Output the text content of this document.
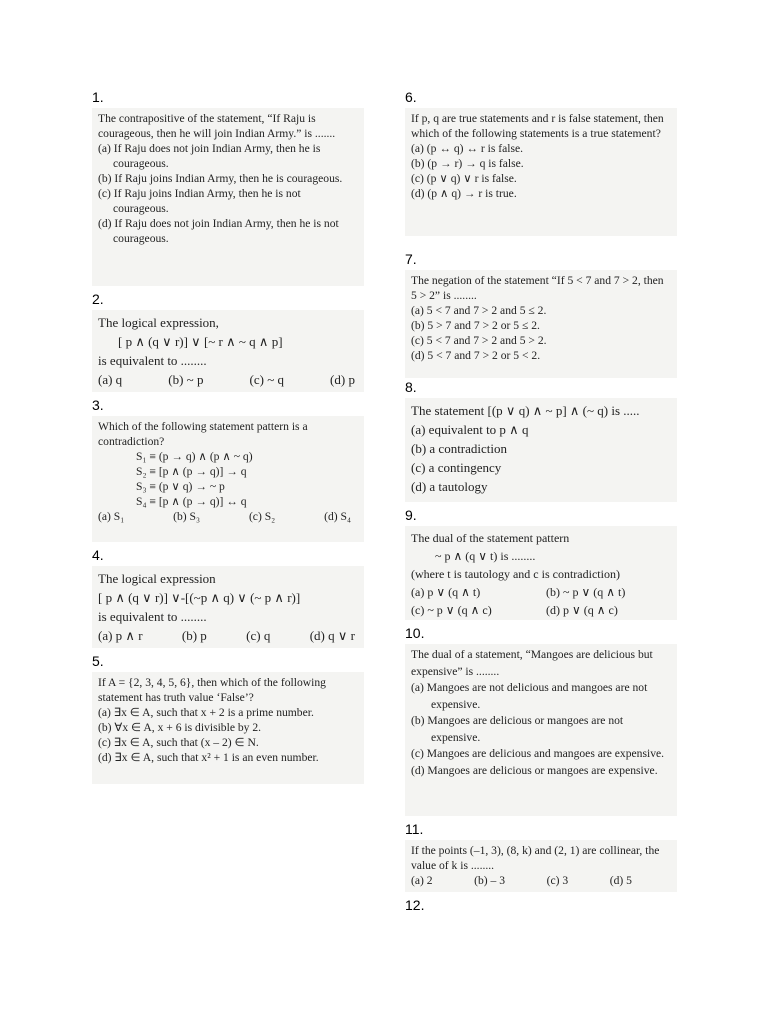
1.
The contrapositive of the statement, “If Raju is courageous, then he will join Indian Army.” is .......
(a) If Raju does not join Indian Army, then he is courageous.
(b) If Raju joins Indian Army, then he is courageous.
(c) If Raju joins Indian Army, then he is not courageous.
(d) If Raju does not join Indian Army, then he is not courageous.
2.
The logical expression,
[ p ∧ (q ∨ r)] ∨ [~ r ∧ ~ q ∧ p]
is equivalent to ........
(a) q	(b) ~ p	(c) ~ q	(d) p
3.
Which of the following statement pattern is a contradiction?
S₁ ≡ (p → q) ∧ (p ∧ ~ q)
S₂ ≡ [p ∧ (p → q)] → q
S₃ ≡ (p ∨ q) → ~ p
S₄ ≡ [p ∧ (p → q)] ↔ q
(a) S₁	(b) S₃	(c) S₂	(d) S₄
4.
The logical expression
[ p ∧ (q ∨ r)] ∨-[(~p ∧ q) ∨ (~ p ∧ r)]
is equivalent to ........
(a) p ∧ r	(b) p	(c) q	(d) q ∨ r
5.
If A = {2, 3, 4, 5, 6}, then which of the following statement has truth value ‘False’?
(a) ∃x ∈ A, such that x + 2 is a prime number.
(b) ∀x ∈ A, x + 6 is divisible by 2.
(c) ∃x ∈ A, such that (x – 2) ∈ N.
(d) ∃x ∈ A, such that x² + 1 is an even number.
6.
If p, q are true statements and r is false statement, then which of the following statements is a true statement?
(a) (p ↔ q) ↔ r is false.
(b) (p → r) → q is false.
(c) (p ∨ q) ∨ r is false.
(d) (p ∧ q) → r is true.
7.
The negation of the statement “If 5 < 7 and 7 > 2, then 5 > 2” is ........
(a) 5 < 7 and 7 > 2 and 5 ≤ 2.
(b) 5 > 7 and 7 > 2 or 5 ≤ 2.
(c) 5 < 7 and 7 > 2 and 5 > 2.
(d) 5 < 7 and 7 > 2 or 5 < 2.
8.
The statement [(p ∨ q) ∧ ~ p] ∧ (~ q) is .....
(a) equivalent to p ∧ q
(b) a contradiction
(c) a contingency
(d) a tautology
9.
The dual of the statement pattern
~ p ∧ (q ∨ t) is ........
(where t is tautology and c is contradiction)
(a) p ∨ (q ∧ t)	(b) ~ p ∨ (q ∧ t)
(c) ~ p ∨ (q ∧ c)	(d) p ∨ (q ∧ c)
10.
The dual of a statement, “Mangoes are delicious but expensive” is ........
(a) Mangoes are not delicious and mangoes are not expensive.
(b) Mangoes are delicious or mangoes are not expensive.
(c) Mangoes are delicious and mangoes are expensive.
(d) Mangoes are delicious or mangoes are expensive.
11.
If the points (–1, 3), (8, k) and (2, 1) are collinear, the value of k is ........
(a) 2	(b) – 3	(c) 3	(d) 5
12.
